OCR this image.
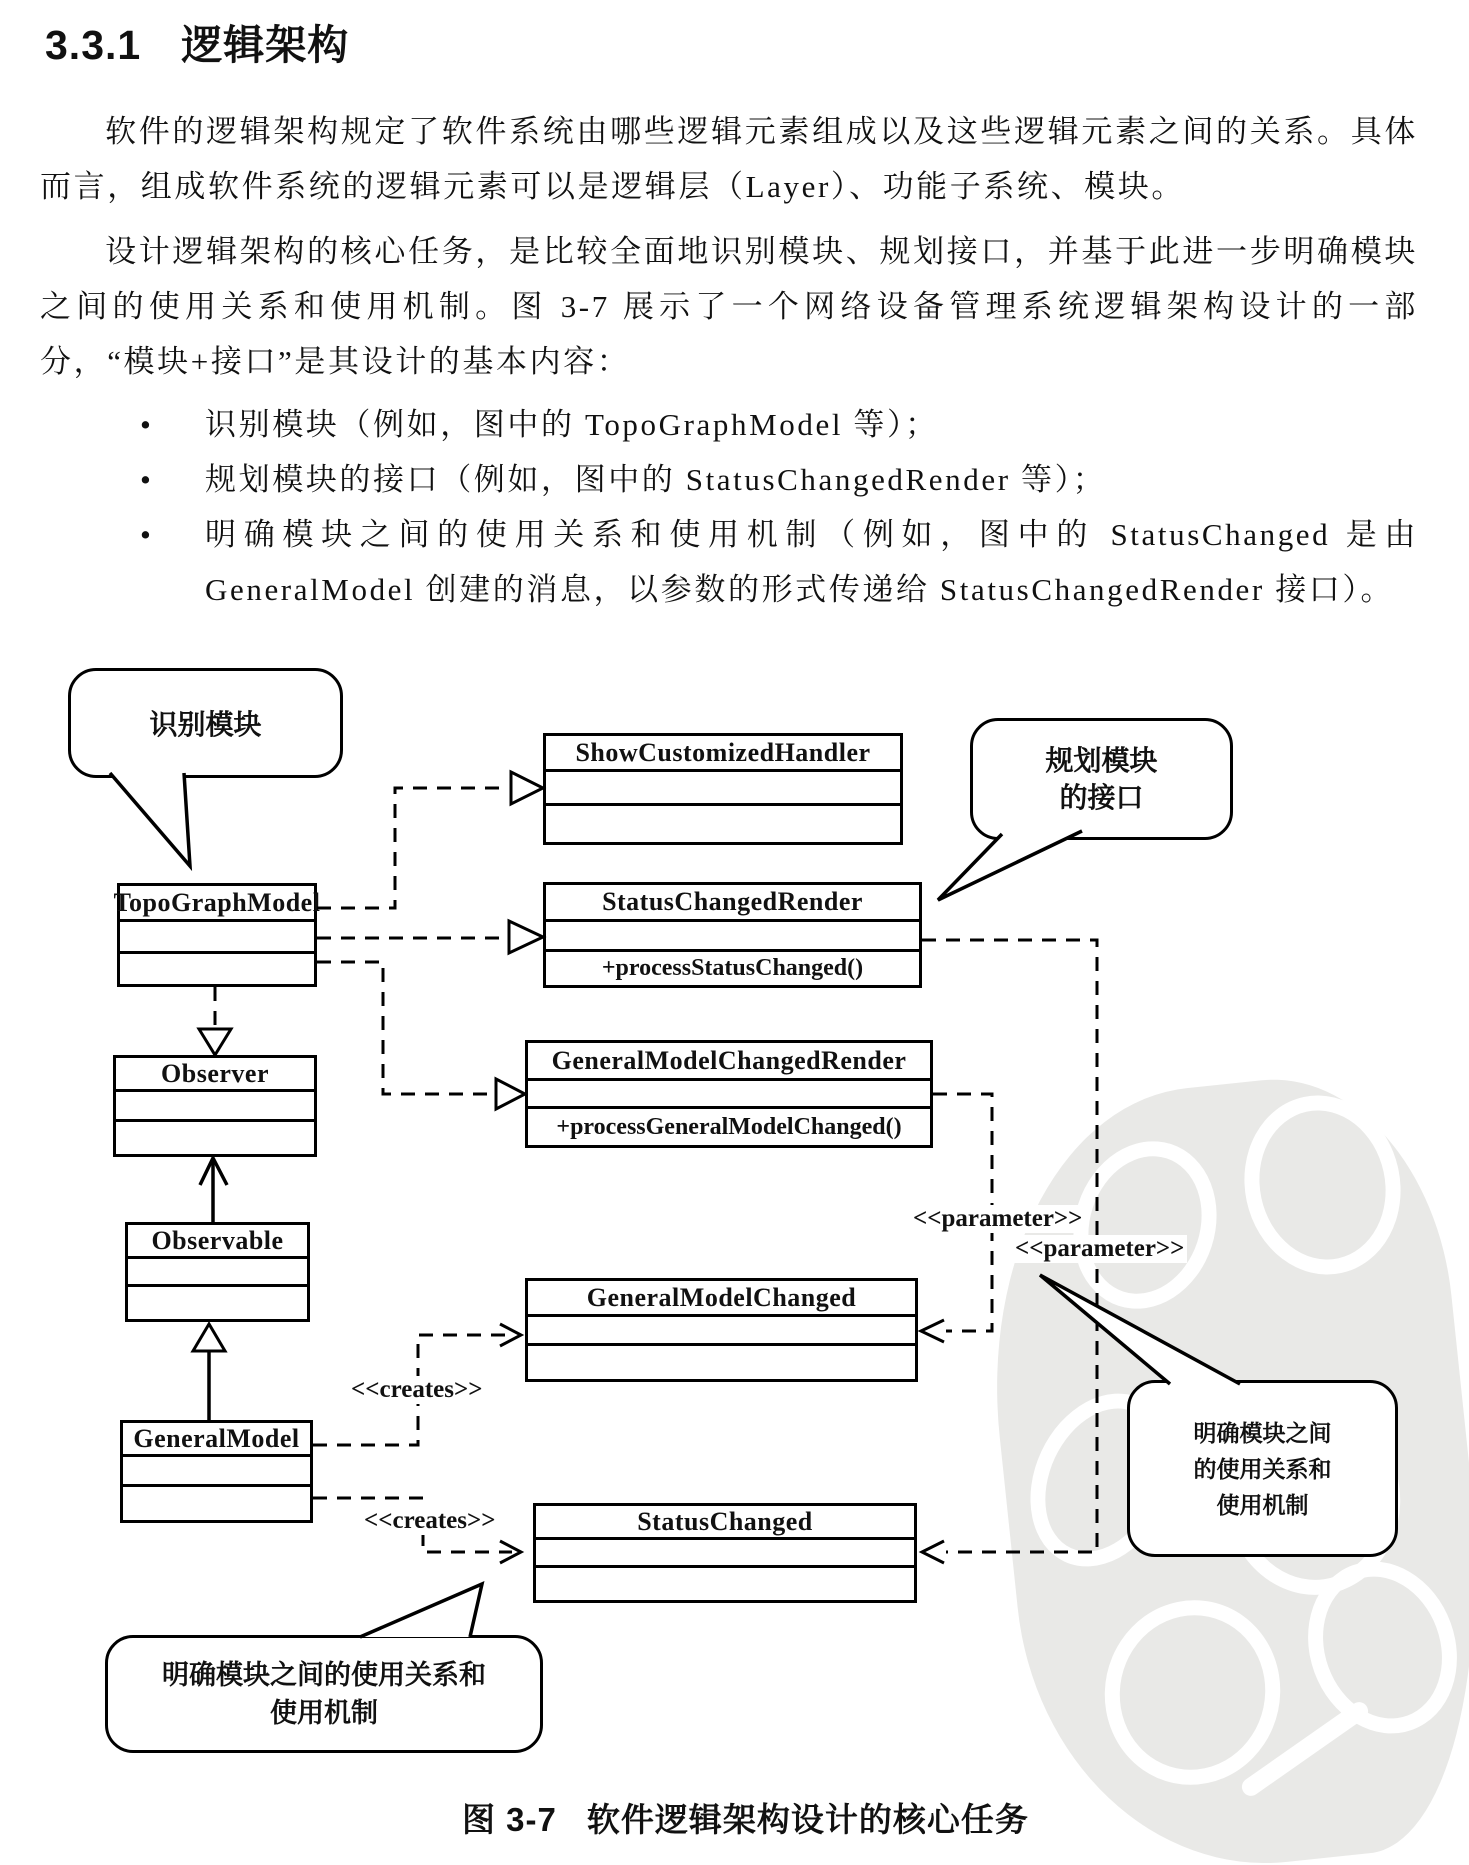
3.3.1 逻辑架构

软件的逻辑架构规定了软件系统由哪些逻辑元素组成以及这些逻辑元素之间的关系。具体而言，组成软件系统的逻辑元素可以是逻辑层（Layer）、功能子系统、模块。

设计逻辑架构的核心任务，是比较全面地识别模块、规划接口，并基于此进一步明确模块之间的使用关系和使用机制。图 3-7 展示了一个网络设备管理系统逻辑架构设计的一部分，“模块+接口”是其设计的基本内容：

• 识别模块（例如，图中的 TopoGraphModel 等）；
• 规划模块的接口（例如，图中的 StatusChangedRender 等）；
• 明确模块之间的使用关系和使用机制（例如，图中的 StatusChanged 是由 GeneralModel 创建的消息，以参数的形式传递给 StatusChangedRender 接口）。
TopoGraphModel
ShowCustomizedHandler
StatusChangedRender
+processStatusChanged()
GeneralModelChangedRender
+processGeneralModelChanged()
Observer
Observable
GeneralModel
GeneralModelChanged
StatusChanged
识别模块
规划模块
的接口
明确模块之间
的使用关系和
使用机制
明确模块之间的使用关系和
使用机制
<<creates>>
<<creates>>
<<parameter>>
<<parameter>>
图 3-7 软件逻辑架构设计的核心任务
